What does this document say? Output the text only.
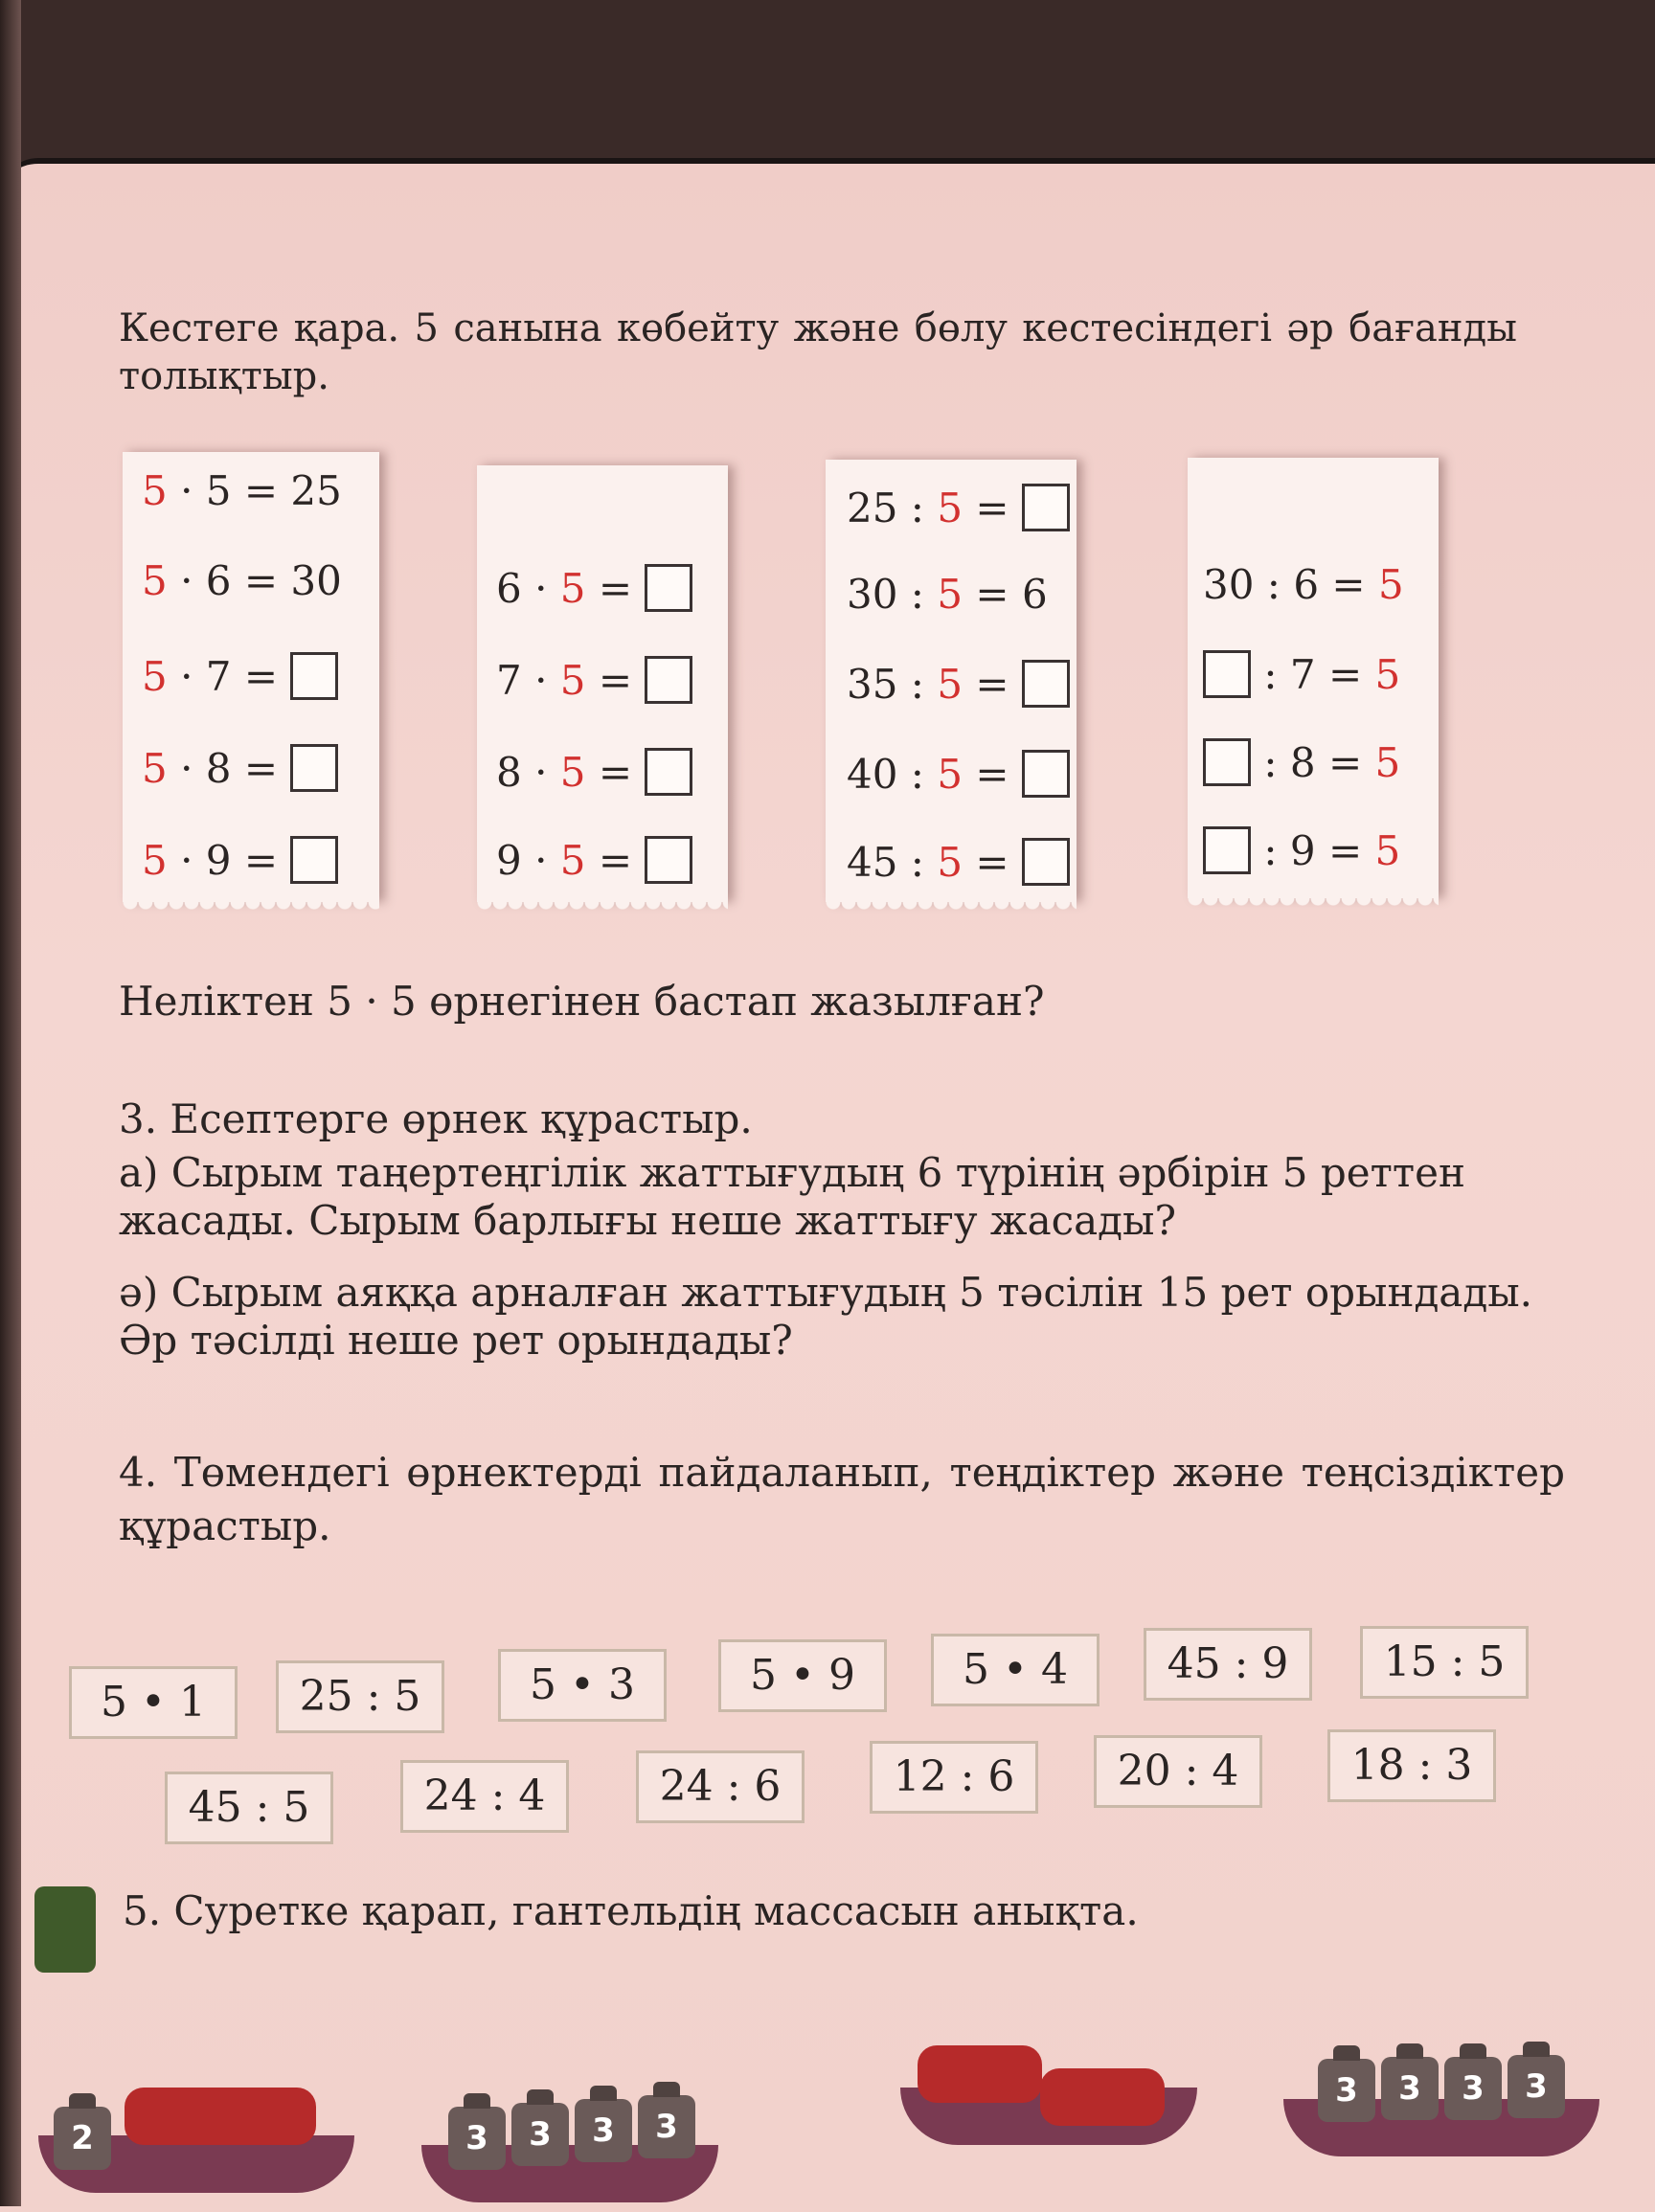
Кестеге қара. 5 санына көбейту және бөлу кестесіндегі әр бағанды толықтыр.
5 · 5 = 25
5 · 6 = 30
5 · 7 =
5 · 8 =
5 · 9 =
6 · 5 =
7 · 5 =
8 · 5 =
9 · 5 =
25 : 5 =
30 : 5 = 6
35 : 5 =
40 : 5 =
45 : 5 =
30 : 6 = 5
: 7 = 5
: 8 = 5
: 9 = 5
Неліктен 5 · 5 өрнегінен бастап жазылған?
3. Есептерге өрнек құрастыр.
а) Сырым таңертеңгілік жаттығудың 6 түрінің әрбірін 5 реттен жасады. Сырым барлығы неше жаттығу жасады?
ә) Сырым аяққа арналған жаттығудың 5 тәсілін 15 рет орындады. Әр тәсілді неше рет орындады?
4. Төмендегі өрнектерді пайдаланып, теңдіктер және теңсіздіктер құрастыр.
5 • 1	25 : 5	5 • 3	5 • 9	5 • 4	45 : 9	15 : 5
45 : 5	24 : 4	24 : 6	12 : 6	20 : 4	18 : 3
5. Суретке қарап, гантельдің массасын анықта.
2	3	3	3	3
3	3	3	3
